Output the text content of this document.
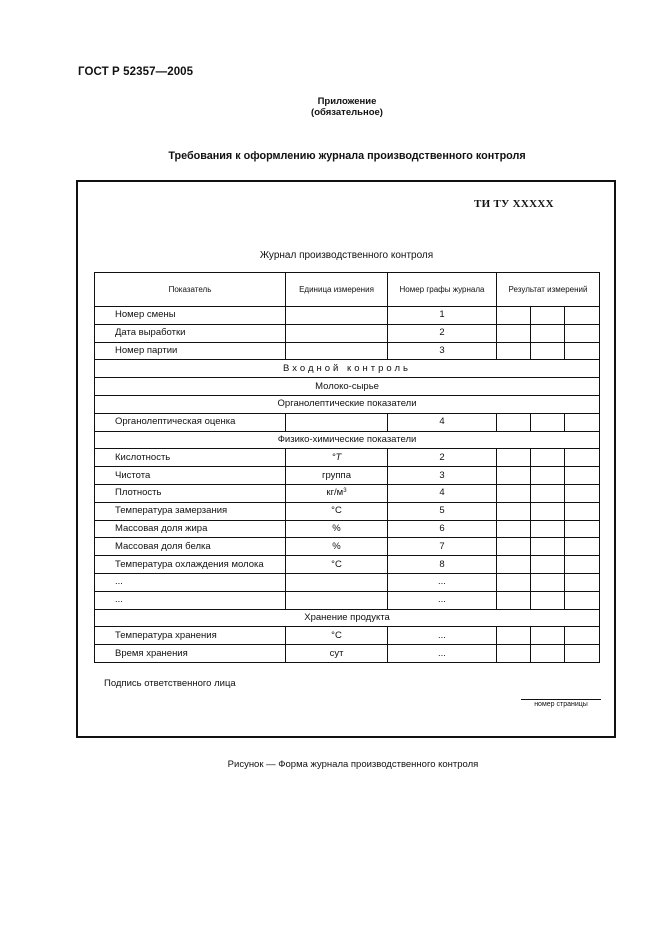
ГОСТ Р 52357—2005
Приложение
(обязательное)
Требования к оформлению журнала производственного контроля
ТИ ТУ XXXXX
Журнал производственного контроля
Показатель	Единица измерения	Номер графы журнала	Результат измерений		
Номер смены		1			
Дата выработки		2			
Номер партии		3			
Входной контроль					
Молоко-сырье					
Органолептические показатели					
Органолептическая оценка		4			
Физико-химические показатели					
Кислотность	°T	2			
Чистота	группа	3			
Плотность	$кг/м^3$	4			
Температура замерзания	°С	5			
Массовая доля жира	%	6			
Массовая доля белка	%	7			
Температура охлаждения молока	°С	8			
...		...			
...		...			
Хранение продукта					
Температура хранения	°С	...			
Время хранения	сут	...			
Подпись ответственного лица
номер страницы
Рисунок — Форма журнала производственного контроля
